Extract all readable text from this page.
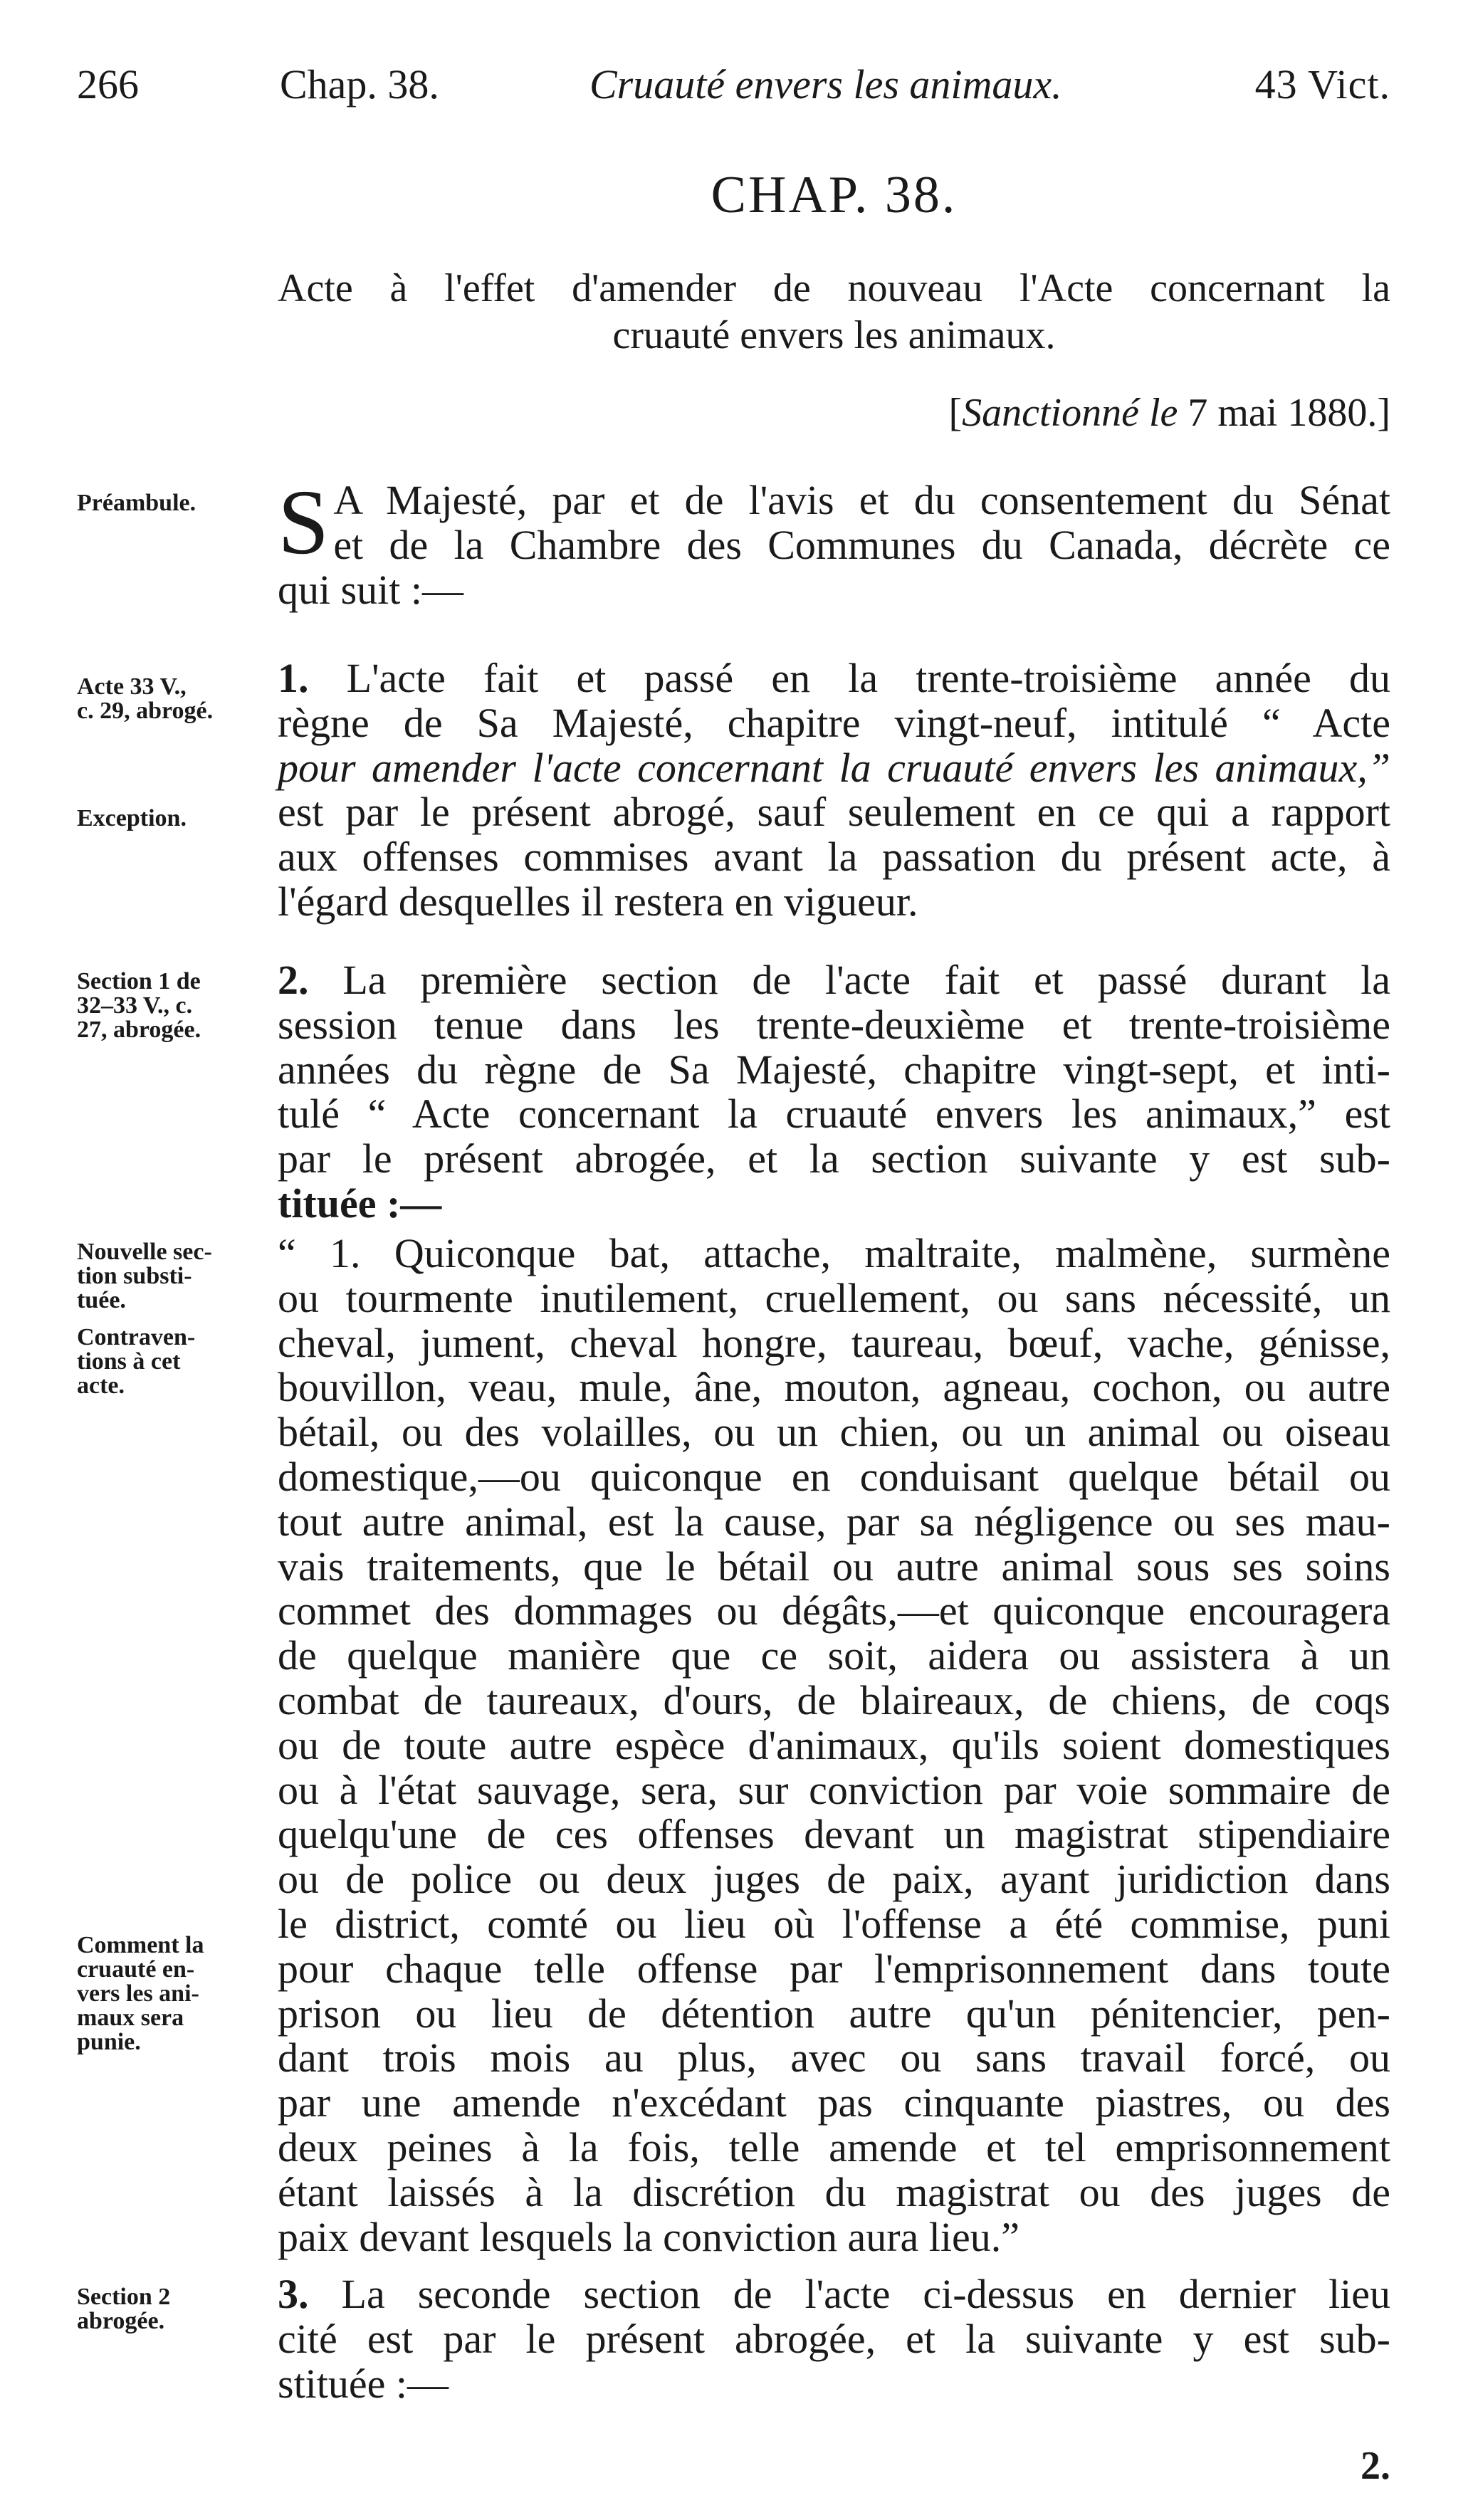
266	Chap. 38.	Cruauté envers les animaux.	43 Vict.
CHAP. 38.
Acte à l'effet d'amender de nouveau l'Acte concernant la
cruauté envers les animaux.
[Sanctionné le 7 mai 1880.]
Préambule.
Acte 33 V.,
c. 29, abrogé.
Exception.
Section 1 de
32–33 V., c.
27, abrogée.
Nouvelle sec-
tion substi-
tuée.
Contraven-
tions à cet
acte.
Comment la
cruauté en-
vers les ani-
maux sera
punie.
Section 2
abrogée.
S A Majesté, par et de l'avis et du consentement du Sénat
et de la Chambre des Communes du Canada, décrète ce
qui suit :—
1. L'acte fait et passé en la trente-troisième année du
règne de Sa Majesté, chapitre vingt-neuf, intitulé “ Acte
pour amender l'acte concernant la cruauté envers les animaux,”
est par le présent abrogé, sauf seulement en ce qui a rapport
aux offenses commises avant la passation du présent acte, à
l'égard desquelles il restera en vigueur.
2. La première section de l'acte fait et passé durant la
session tenue dans les trente-deuxième et trente-troisième
années du règne de Sa Majesté, chapitre vingt-sept, et inti-
tulé “ Acte concernant la cruauté envers les animaux,” est
par le présent abrogée, et la section suivante y est sub-
tituée :—
“ 1. Quiconque bat, attache, maltraite, malmène, surmène
ou tourmente inutilement, cruellement, ou sans nécessité, un
cheval, jument, cheval hongre, taureau, bœuf, vache, génisse,
bouvillon, veau, mule, âne, mouton, agneau, cochon, ou autre
bétail, ou des volailles, ou un chien, ou un animal ou oiseau
domestique,—ou quiconque en conduisant quelque bétail ou
tout autre animal, est la cause, par sa négligence ou ses mau-
vais traitements, que le bétail ou autre animal sous ses soins
commet des dommages ou dégâts,—et quiconque encouragera
de quelque manière que ce soit, aidera ou assistera à un
combat de taureaux, d'ours, de blaireaux, de chiens, de coqs
ou de toute autre espèce d'animaux, qu'ils soient domestiques
ou à l'état sauvage, sera, sur conviction par voie sommaire de
quelqu'une de ces offenses devant un magistrat stipendiaire
ou de police ou deux juges de paix, ayant juridiction dans
le district, comté ou lieu où l'offense a été commise, puni
pour chaque telle offense par l'emprisonnement dans toute
prison ou lieu de détention autre qu'un pénitencier, pen-
dant trois mois au plus, avec ou sans travail forcé, ou
par une amende n'excédant pas cinquante piastres, ou des
deux peines à la fois, telle amende et tel emprisonnement
étant laissés à la discrétion du magistrat ou des juges de
paix devant lesquels la conviction aura lieu.”
3. La seconde section de l'acte ci-dessus en dernier lieu
cité est par le présent abrogée, et la suivante y est sub-
stituée :—
2.
